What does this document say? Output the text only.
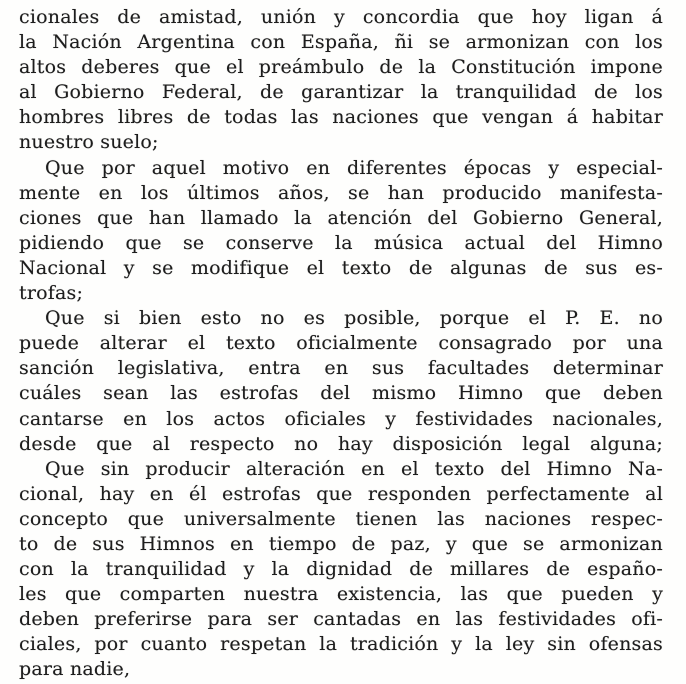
cionales de amistad, unión y concordia que hoy ligan á
la Nación Argentina con España, ñi se armonizan con los
altos deberes que el preámbulo de la Constitución impone
al Gobierno Federal, de garantizar la tranquilidad de los
hombres libres de todas las naciones que vengan á habitar
nuestro suelo;
Que por aquel motivo en diferentes épocas y especial-
mente en los últimos años, se han producido manifesta-
ciones que han llamado la atención del Gobierno General,
pidiendo que se conserve la música actual del Himno
Nacional y se modifique el texto de algunas de sus es-
trofas;
Que si bien esto no es posible, porque el P. E. no
puede alterar el texto oficialmente consagrado por una
sanción legislativa, entra en sus facultades determinar
cuáles sean las estrofas del mismo Himno que deben
cantarse en los actos oficiales y festividades nacionales,
desde que al respecto no hay disposición legal alguna;
Que sin producir alteración en el texto del Himno Na-
cional, hay en él estrofas que responden perfectamente al
concepto que universalmente tienen las naciones respec-
to de sus Himnos en tiempo de paz, y que se armonizan
con la tranquilidad y la dignidad de millares de españo-
les que comparten nuestra existencia, las que pueden y
deben preferirse para ser cantadas en las festividades ofi-
ciales, por cuanto respetan la tradición y la ley sin ofensas
para nadie,
